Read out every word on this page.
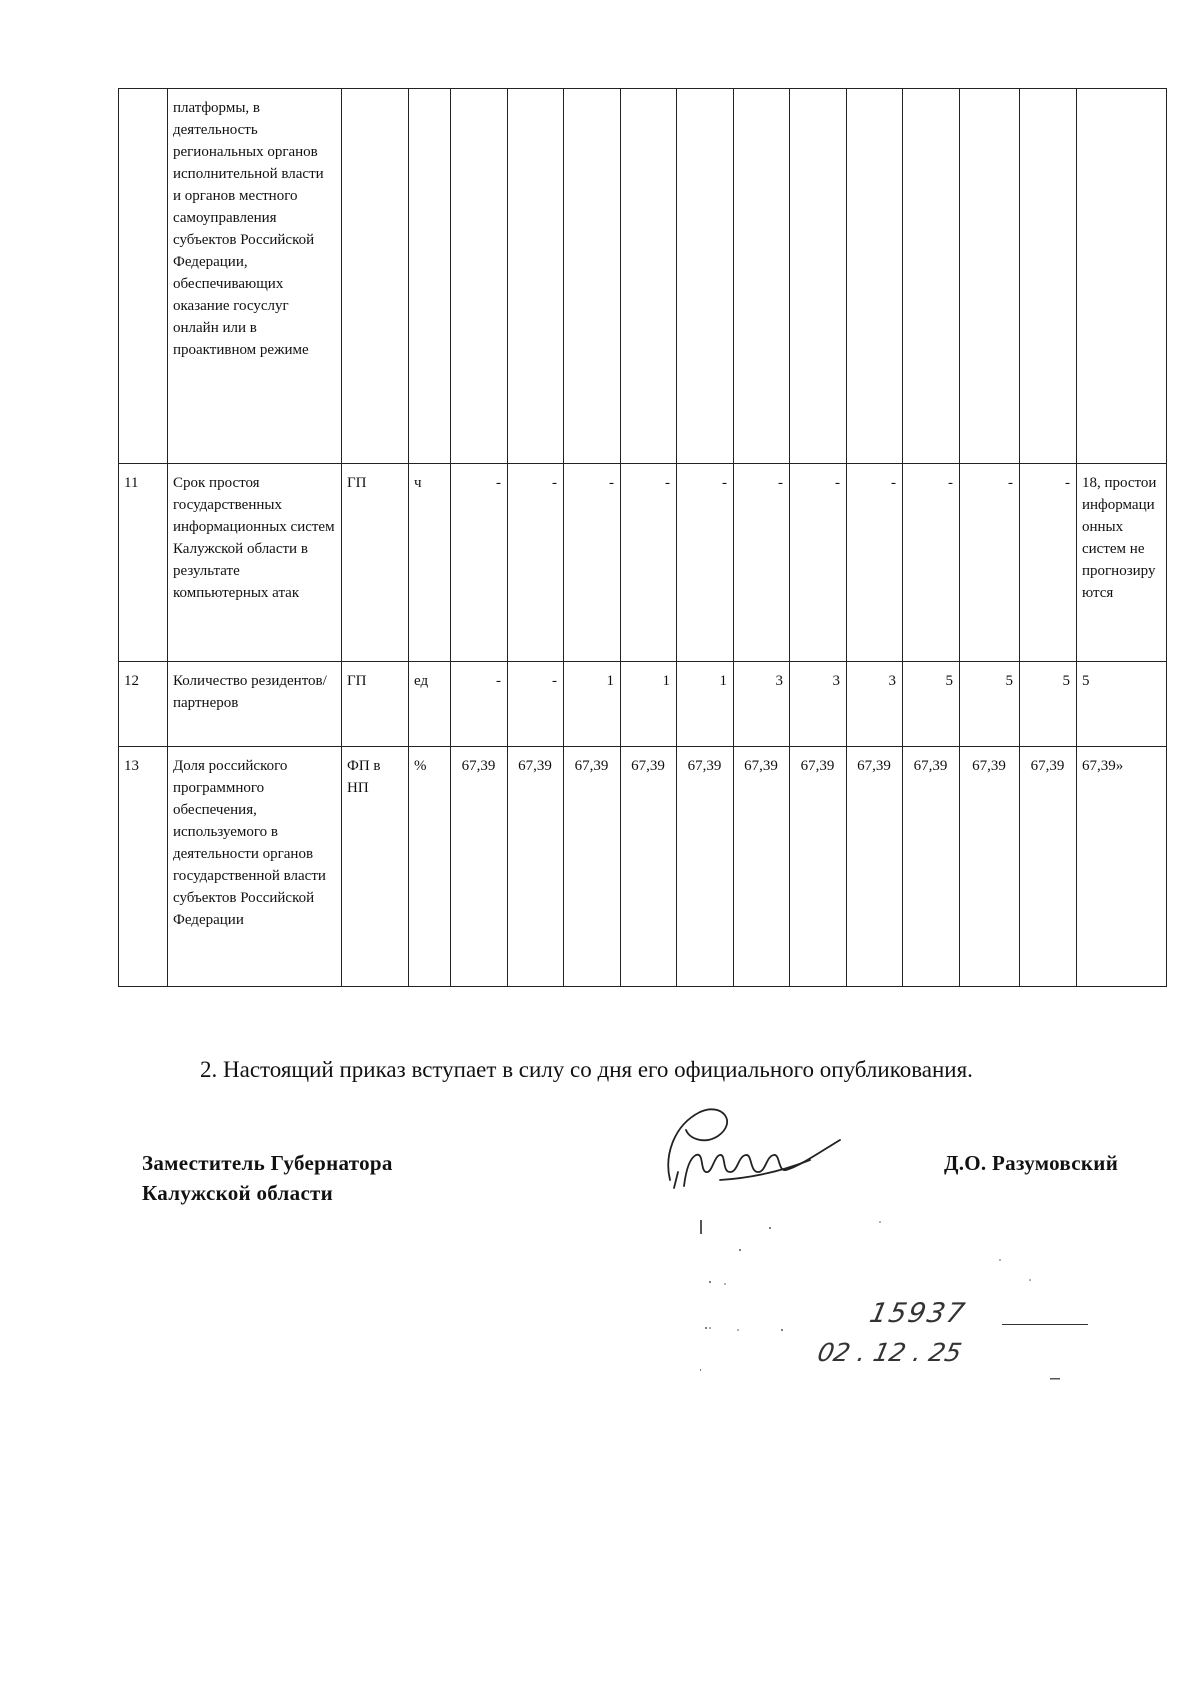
	платформы, в деятельность региональных органов исполнительной власти и органов местного самоуправления субъектов Российской Федерации, обеспечивающих оказание госуслуг онлайн или в проактивном режиме														
11	Срок простоя государственных информационных систем Калужской области в результате компьютерных атак	ГП	ч	-	-	-	-	-	-	-	-	-	-	-	18, простои информационных систем не прогнозируются
12	Количество резидентов/партнеров	ГП	ед	-	-	1	1	1	3	3	3	5	5	5	5
13	Доля российского программного обеспечения, используемого в деятельности органов государственной власти субъектов Российской Федерации	ФП в НП	%	67,39	67,39	67,39	67,39	67,39	67,39	67,39	67,39	67,39	67,39	67,39	67,39»
2. Настоящий приказ вступает в силу со дня его официального опубликования.
Заместитель Губернатора
Калужской области
Д.О. Разумовский
15937
02 . 12 . 25
